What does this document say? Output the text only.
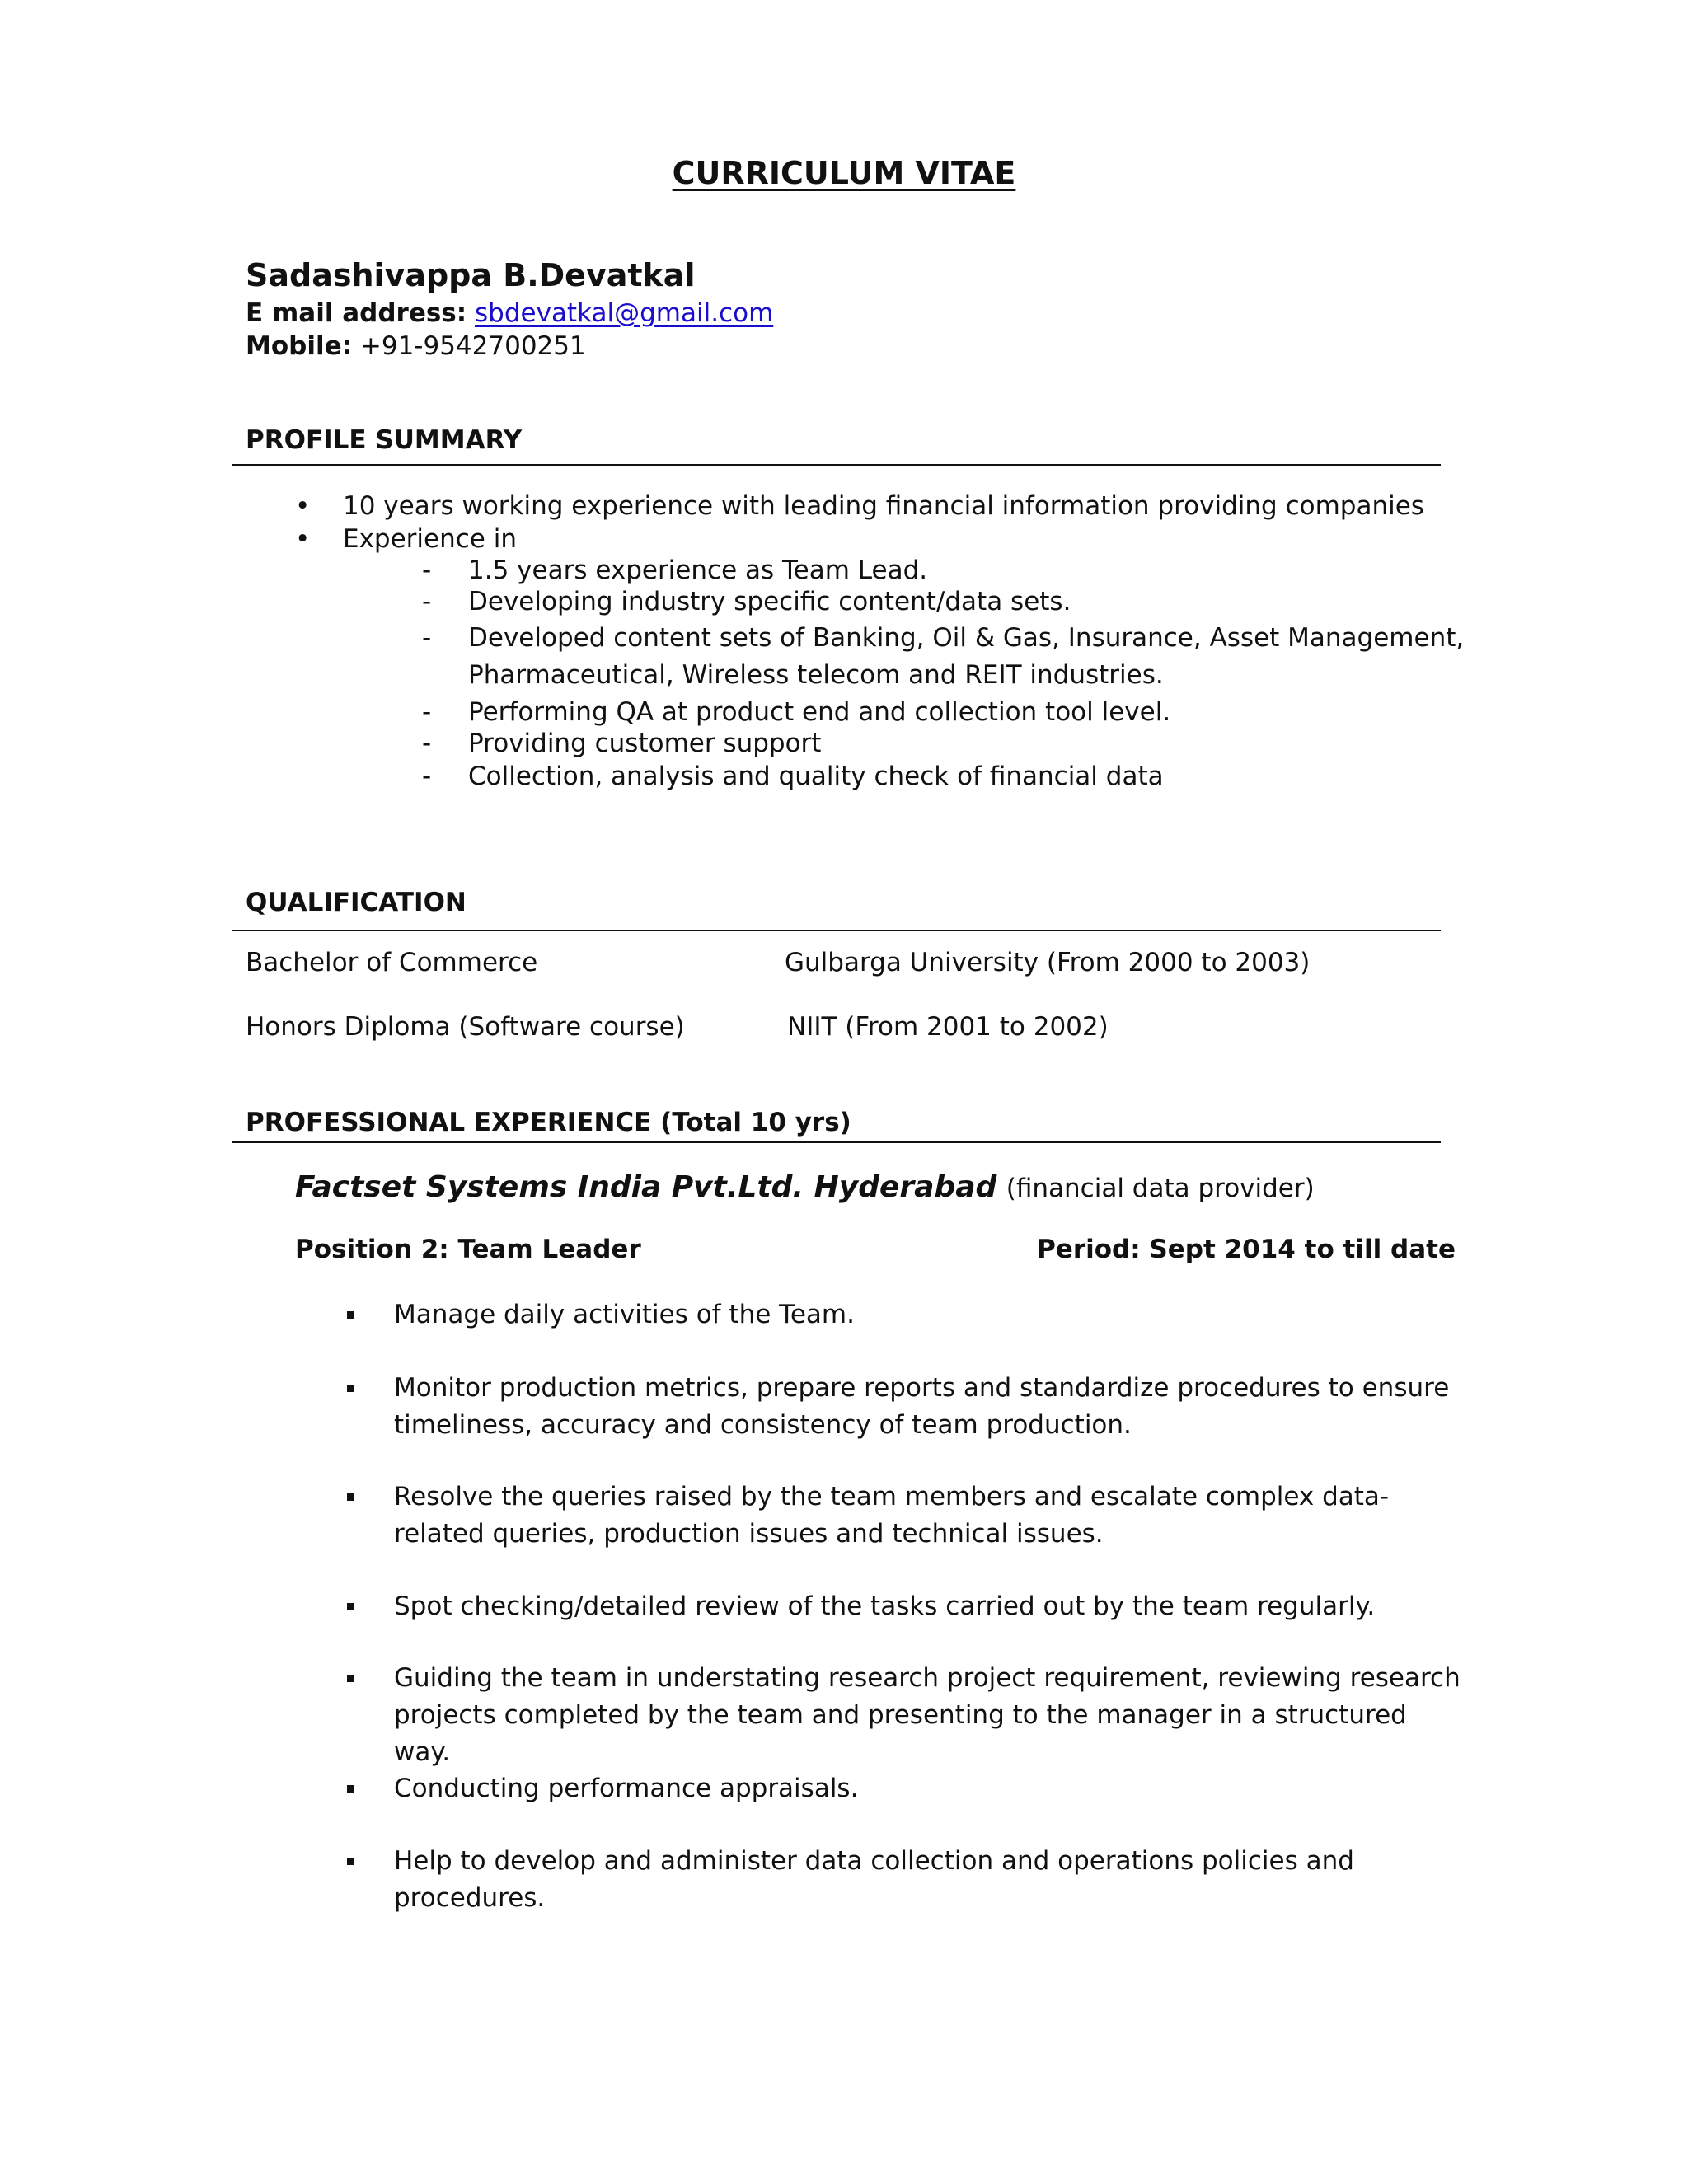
CURRICULUM VITAE
Sadashivappa B.Devatkal
E mail address: sbdevatkal@gmail.com
Mobile: +91-9542700251
PROFILE SUMMARY
• 10 years working experience with leading financial information providing companies
• Experience in
- 1.5 years experience as Team Lead.
- Developing industry specific content/data sets.
- Developed content sets of Banking, Oil & Gas, Insurance, Asset Management,
Pharmaceutical, Wireless telecom and REIT industries.
- Performing QA at product end and collection tool level.
- Providing customer support
- Collection, analysis and quality check of financial data
QUALIFICATION
Bachelor of Commerce	Gulbarga University (From 2000 to 2003)
Honors Diploma (Software course)	NIIT (From 2001 to 2002)
PROFESSIONAL EXPERIENCE (Total 10 yrs)
Factset Systems India Pvt.Ltd. Hyderabad (financial data provider)
Position 2: Team Leader	Period: Sept 2014 to till date
Manage daily activities of the Team.
Monitor production metrics, prepare reports and standardize procedures to ensure timeliness, accuracy and consistency of team production.
Resolve the queries raised by the team members and escalate complex data-related queries, production issues and technical issues.
Spot checking/detailed review of the tasks carried out by the team regularly.
Guiding the team in understating research project requirement, reviewing research projects completed by the team and presenting to the manager in a structured way.
Conducting performance appraisals.
Help to develop and administer data collection and operations policies and procedures.
